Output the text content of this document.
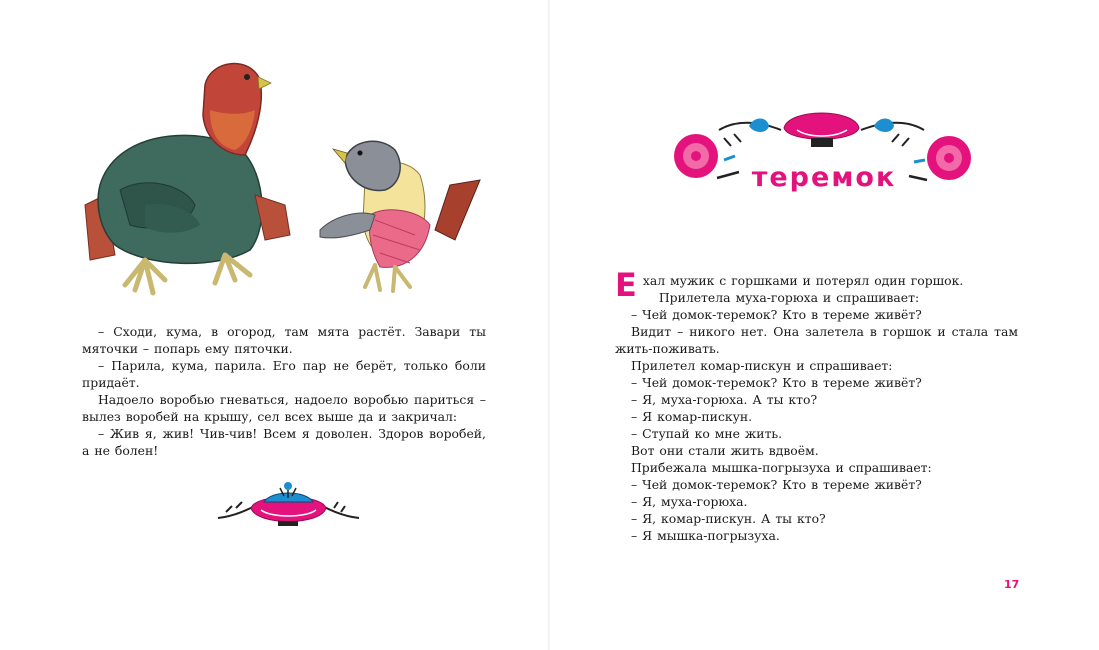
– Сходи, кума, в огород, там мята растёт. Завари ты мяточки – попарь ему пяточки.

– Парила, кума, парила. Его пар не берёт, только боли придаёт.

Надоело воробью гневаться, надоело воробью париться – вылез воробей на крышу, сел всех выше да и закричал:

– Жив я, жив! Чив-чив! Всем я доволен. Здоров воробей, а не болен!

теремок

Ехал мужик с горшками и потерял один горшок.

Прилетела муха-горюха и спрашивает:

– Чей домок-теремок? Кто в тереме живёт?

Видит – никого нет. Она залетела в горшок и стала там жить-поживать.

Прилетел комар-пискун и спрашивает:

– Чей домок-теремок? Кто в тереме живёт?

– Я, муха-горюха. А ты кто?

– Я комар-пискун.

– Ступай ко мне жить.

Вот они стали жить вдвоём.

Прибежала мышка-погрызуха и спрашивает:

– Чей домок-теремок? Кто в тереме живёт?

– Я, муха-горюха.

– Я, комар-пискун. А ты кто?

– Я мышка-погрызуха.

17
